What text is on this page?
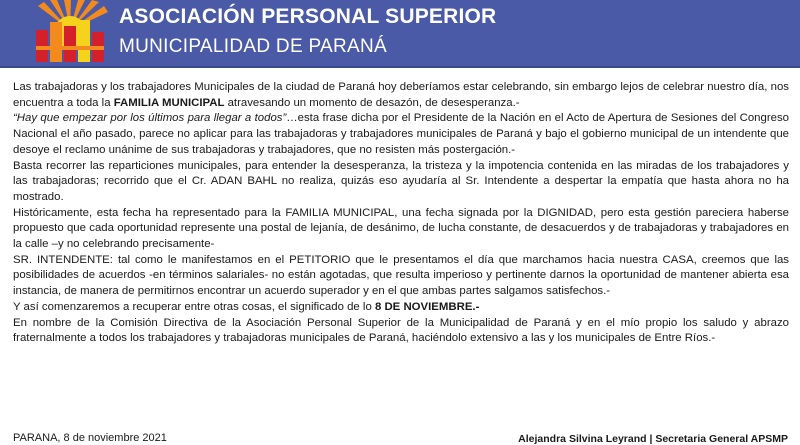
ASOCIACIÓN PERSONAL SUPERIOR
MUNICIPALIDAD DE PARANÁ

Las trabajadoras y los trabajadores Municipales de la ciudad de Paraná hoy deberíamos estar celebrando, sin embargo lejos de celebrar nuestro día, nos encuentra a toda la FAMILIA MUNICIPAL atravesando un momento de desazón, de desesperanza.-

“Hay que empezar por los últimos para llegar a todos”…esta frase dicha por el Presidente de la Nación en el Acto de Apertura de Sesiones del Congreso Nacional el año pasado, parece no aplicar para las trabajadoras y trabajadores municipales de Paraná y bajo el gobierno municipal de un intendente que desoye el reclamo unánime de sus trabajadoras y trabajadores, que no resisten más postergación.-

Basta recorrer las reparticiones municipales, para entender la desesperanza, la tristeza y la impotencia contenida en las miradas de los trabajadores y las trabajadoras; recorrido que el Cr. ADAN BAHL no realiza, quizás eso ayudaría al Sr. Intendente a despertar la empatía que hasta ahora no ha mostrado.

Históricamente, esta fecha ha representado para la FAMILIA MUNICIPAL, una fecha signada por la DIGNIDAD, pero esta gestión pareciera haberse propuesto que cada oportunidad represente una postal de lejanía, de desánimo, de lucha constante, de desacuerdos y de trabajadoras y trabajadores en la calle –y no celebrando precisamente-

SR. INTENDENTE: tal como le manifestamos en el PETITORIO que le presentamos el día que marchamos hacia nuestra CASA, creemos que las posibilidades de acuerdos -en términos salariales- no están agotadas, que resulta imperioso y pertinente darnos la oportunidad de mantener abierta esa instancia, de manera de permitirnos encontrar un acuerdo superador y en el que ambas partes salgamos satisfechos.-

Y así comenzaremos a recuperar entre otras cosas, el significado de lo 8 DE NOVIEMBRE.-

En nombre de la Comisión Directiva de la Asociación Personal Superior de la Municipalidad de Paraná y en el mío propio los saludo y abrazo fraternalmente a todos los trabajadores y trabajadoras municipales de Paraná, haciéndolo extensivo a las y los municipales de Entre Ríos.-

PARANA, 8 de noviembre 2021	Alejandra Silvina Leyrand | Secretaria General APSMP
